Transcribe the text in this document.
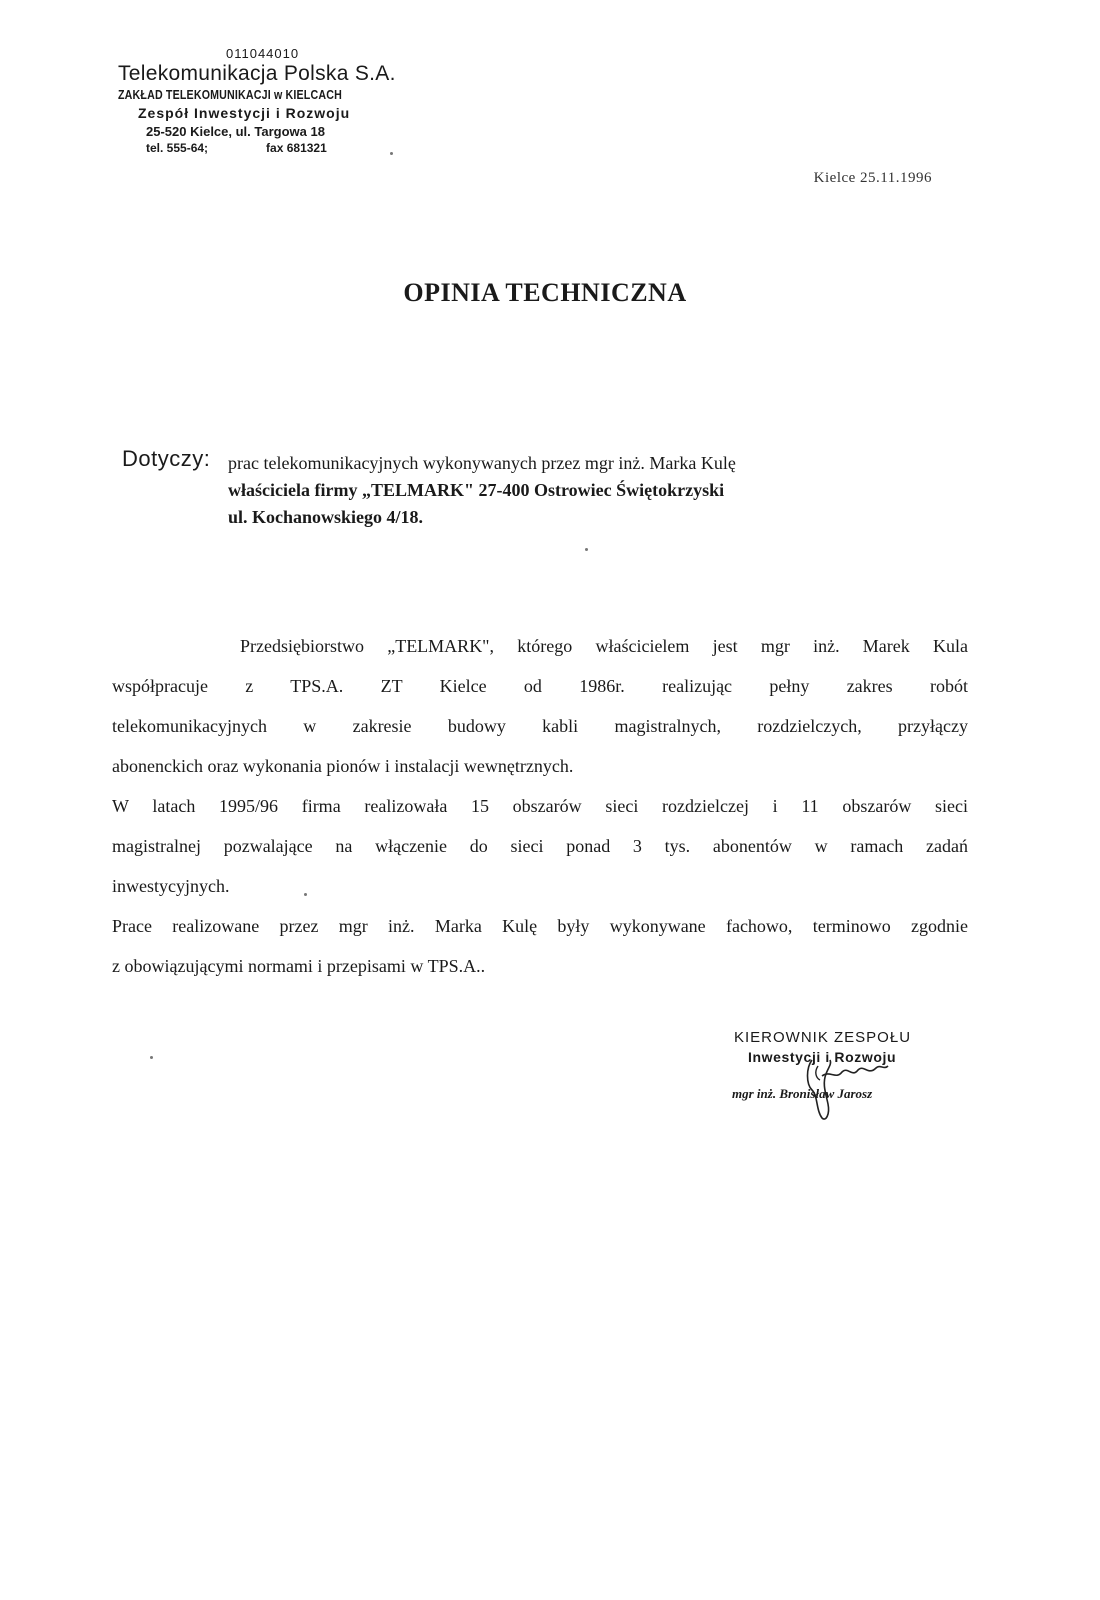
011044010
Telekomunikacja Polska S.A.
ZAKŁAD TELEKOMUNIKACJI w KIELCACH
Zespół Inwestycji i Rozwoju
25-520 Kielce, ul. Targowa 18
tel. 555-64;	fax 681321
Kielce 25.11.1996
OPINIA TECHNICZNA
Dotyczy: prac telekomunikacyjnych wykonywanych przez mgr inż. Marka Kulę
właściciela firmy „TELMARK" 27-400 Ostrowiec Świętokrzyski
ul. Kochanowskiego 4/18.
Przedsiębiorstwo „TELMARK", którego właścicielem jest mgr inż. Marek Kula
współpracuje z TPS.A. ZT Kielce od 1986r. realizując pełny zakres robót
telekomunikacyjnych w zakresie budowy kabli magistralnych, rozdzielczych, przyłączy
abonenckich oraz wykonania pionów i instalacji wewnętrznych.
W latach 1995/96 firma realizowała 15 obszarów sieci rozdzielczej i 11 obszarów sieci
magistralnej pozwalające na włączenie do sieci ponad 3 tys. abonentów w ramach zadań
inwestycyjnych.
Prace realizowane przez mgr inż. Marka Kulę były wykonywane fachowo, terminowo zgodnie
z obowiązującymi normami i przepisami w TPS.A..
KIEROWNIK ZESPOŁU
Inwestycji i Rozwoju
mgr inż. Bronisław Jarosz
